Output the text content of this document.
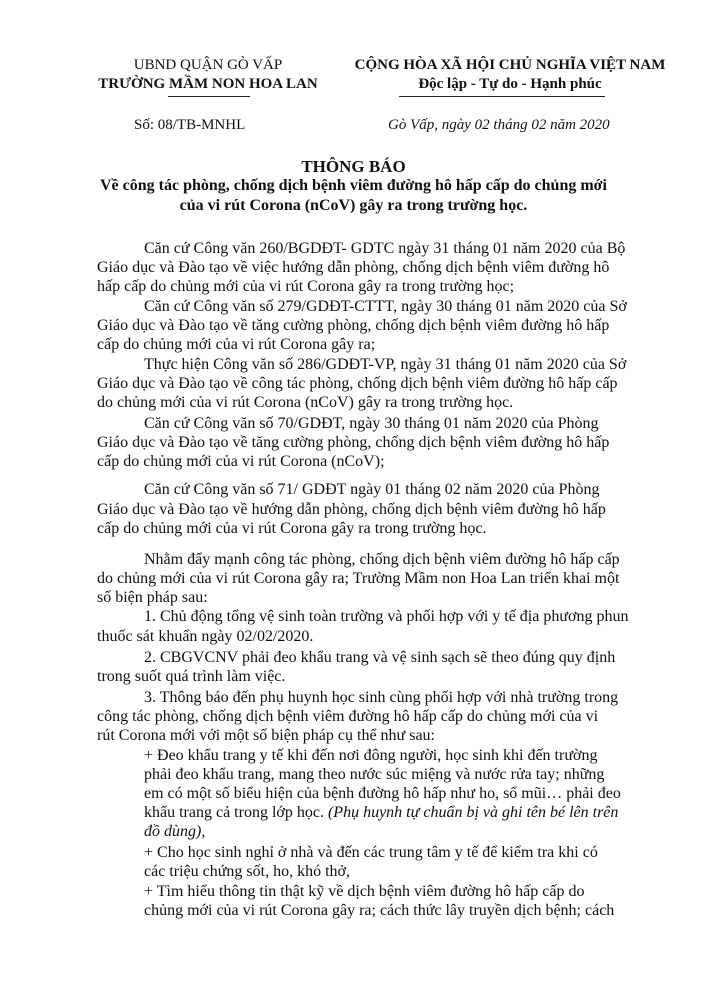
UBND QUẬN GÒ VẤP
TRƯỜNG MẦM NON HOA LAN
CỘNG HÒA XÃ HỘI CHỦ NGHĨA VIỆT NAM
Độc lập - Tự do - Hạnh phúc
Số: 08/TB-MNHL	Gò Vấp, ngày 02 tháng 02 năm 2020
THÔNG BÁO
Về công tác phòng, chống dịch bệnh viêm đường hô hấp cấp do chủng mới
của vi rút Corona (nCoV) gây ra trong trường học.
Căn cứ Công văn 260/BGDĐT- GDTC ngày 31 tháng 01 năm 2020 của Bộ
Giáo dục và Đào tạo về việc hướng dẫn phòng, chống dịch bệnh viêm đường hô
hấp cấp do chủng mới của vi rút Corona gây ra trong trường học;
Căn cứ Công văn số 279/GDĐT-CTTT, ngày 30 tháng 01 năm 2020 của Sở
Giáo dục và Đào tạo về tăng cường phòng, chống dịch bệnh viêm đường hô hấp
cấp do chủng mới của vi rút Corona gây ra;
Thực hiện Công văn số 286/GDĐT-VP, ngày 31 tháng 01 năm 2020 của Sở
Giáo dục và Đào tạo về công tác phòng, chống dịch bệnh viêm đường hô hấp cấp
do chủng mới của vi rút Corona (nCoV) gây ra trong trường học.
Căn cứ Công văn số 70/GDĐT, ngày 30 tháng 01 năm 2020 của Phòng
Giáo dục và Đào tạo về tăng cường phòng, chống dịch bệnh viêm đường hô hấp
cấp do chủng mới của vi rút Corona (nCoV);
Căn cứ Công văn số 71/ GDĐT ngày 01 tháng 02 năm 2020 của Phòng
Giáo dục và Đào tạo về hướng dẫn phòng, chống dịch bệnh viêm đường hô hấp
cấp do chủng mới của vi rút Corona gây ra trong trường học.
Nhằm đẩy mạnh công tác phòng, chống dịch bệnh viêm đường hô hấp cấp
do chủng mới của vi rút Corona gây ra; Trường Mầm non Hoa Lan triển khai một
số biện pháp sau:
1. Chủ động tổng vệ sinh toàn trường và phối hợp với y tế địa phương phun
thuốc sát khuẩn ngày 02/02/2020.
2. CBGVCNV phải đeo khẩu trang và vệ sinh sạch sẽ theo đúng quy định
trong suốt quá trình làm việc.
3. Thông báo đến phụ huynh học sinh cùng phối hợp với nhà trường trong
công tác phòng, chống dịch bệnh viêm đường hô hấp cấp do chủng mới của vi
rút Corona mới với một số biện pháp cụ thể như sau:
+ Đeo khẩu trang y tế khi đến nơi đông người, học sinh khi đến trường
phải đeo khẩu trang, mang theo nước súc miệng và nước rửa tay; những
em có một số biểu hiện của bệnh đường hô hấp như ho, sổ mũi… phải đeo
khẩu trang cả trong lớp học. (Phụ huynh tự chuẩn bị và ghi tên bé lên trên
đồ dùng),
+ Cho học sinh nghỉ ở nhà và đến các trung tâm y tế để kiểm tra khi có
các triệu chứng sốt, ho, khó thở,
+ Tìm hiểu thông tin thật kỹ về dịch bệnh viêm đường hô hấp cấp do
chủng mới của vi rút Corona gây ra; cách thức lây truyền dịch bệnh; cách
